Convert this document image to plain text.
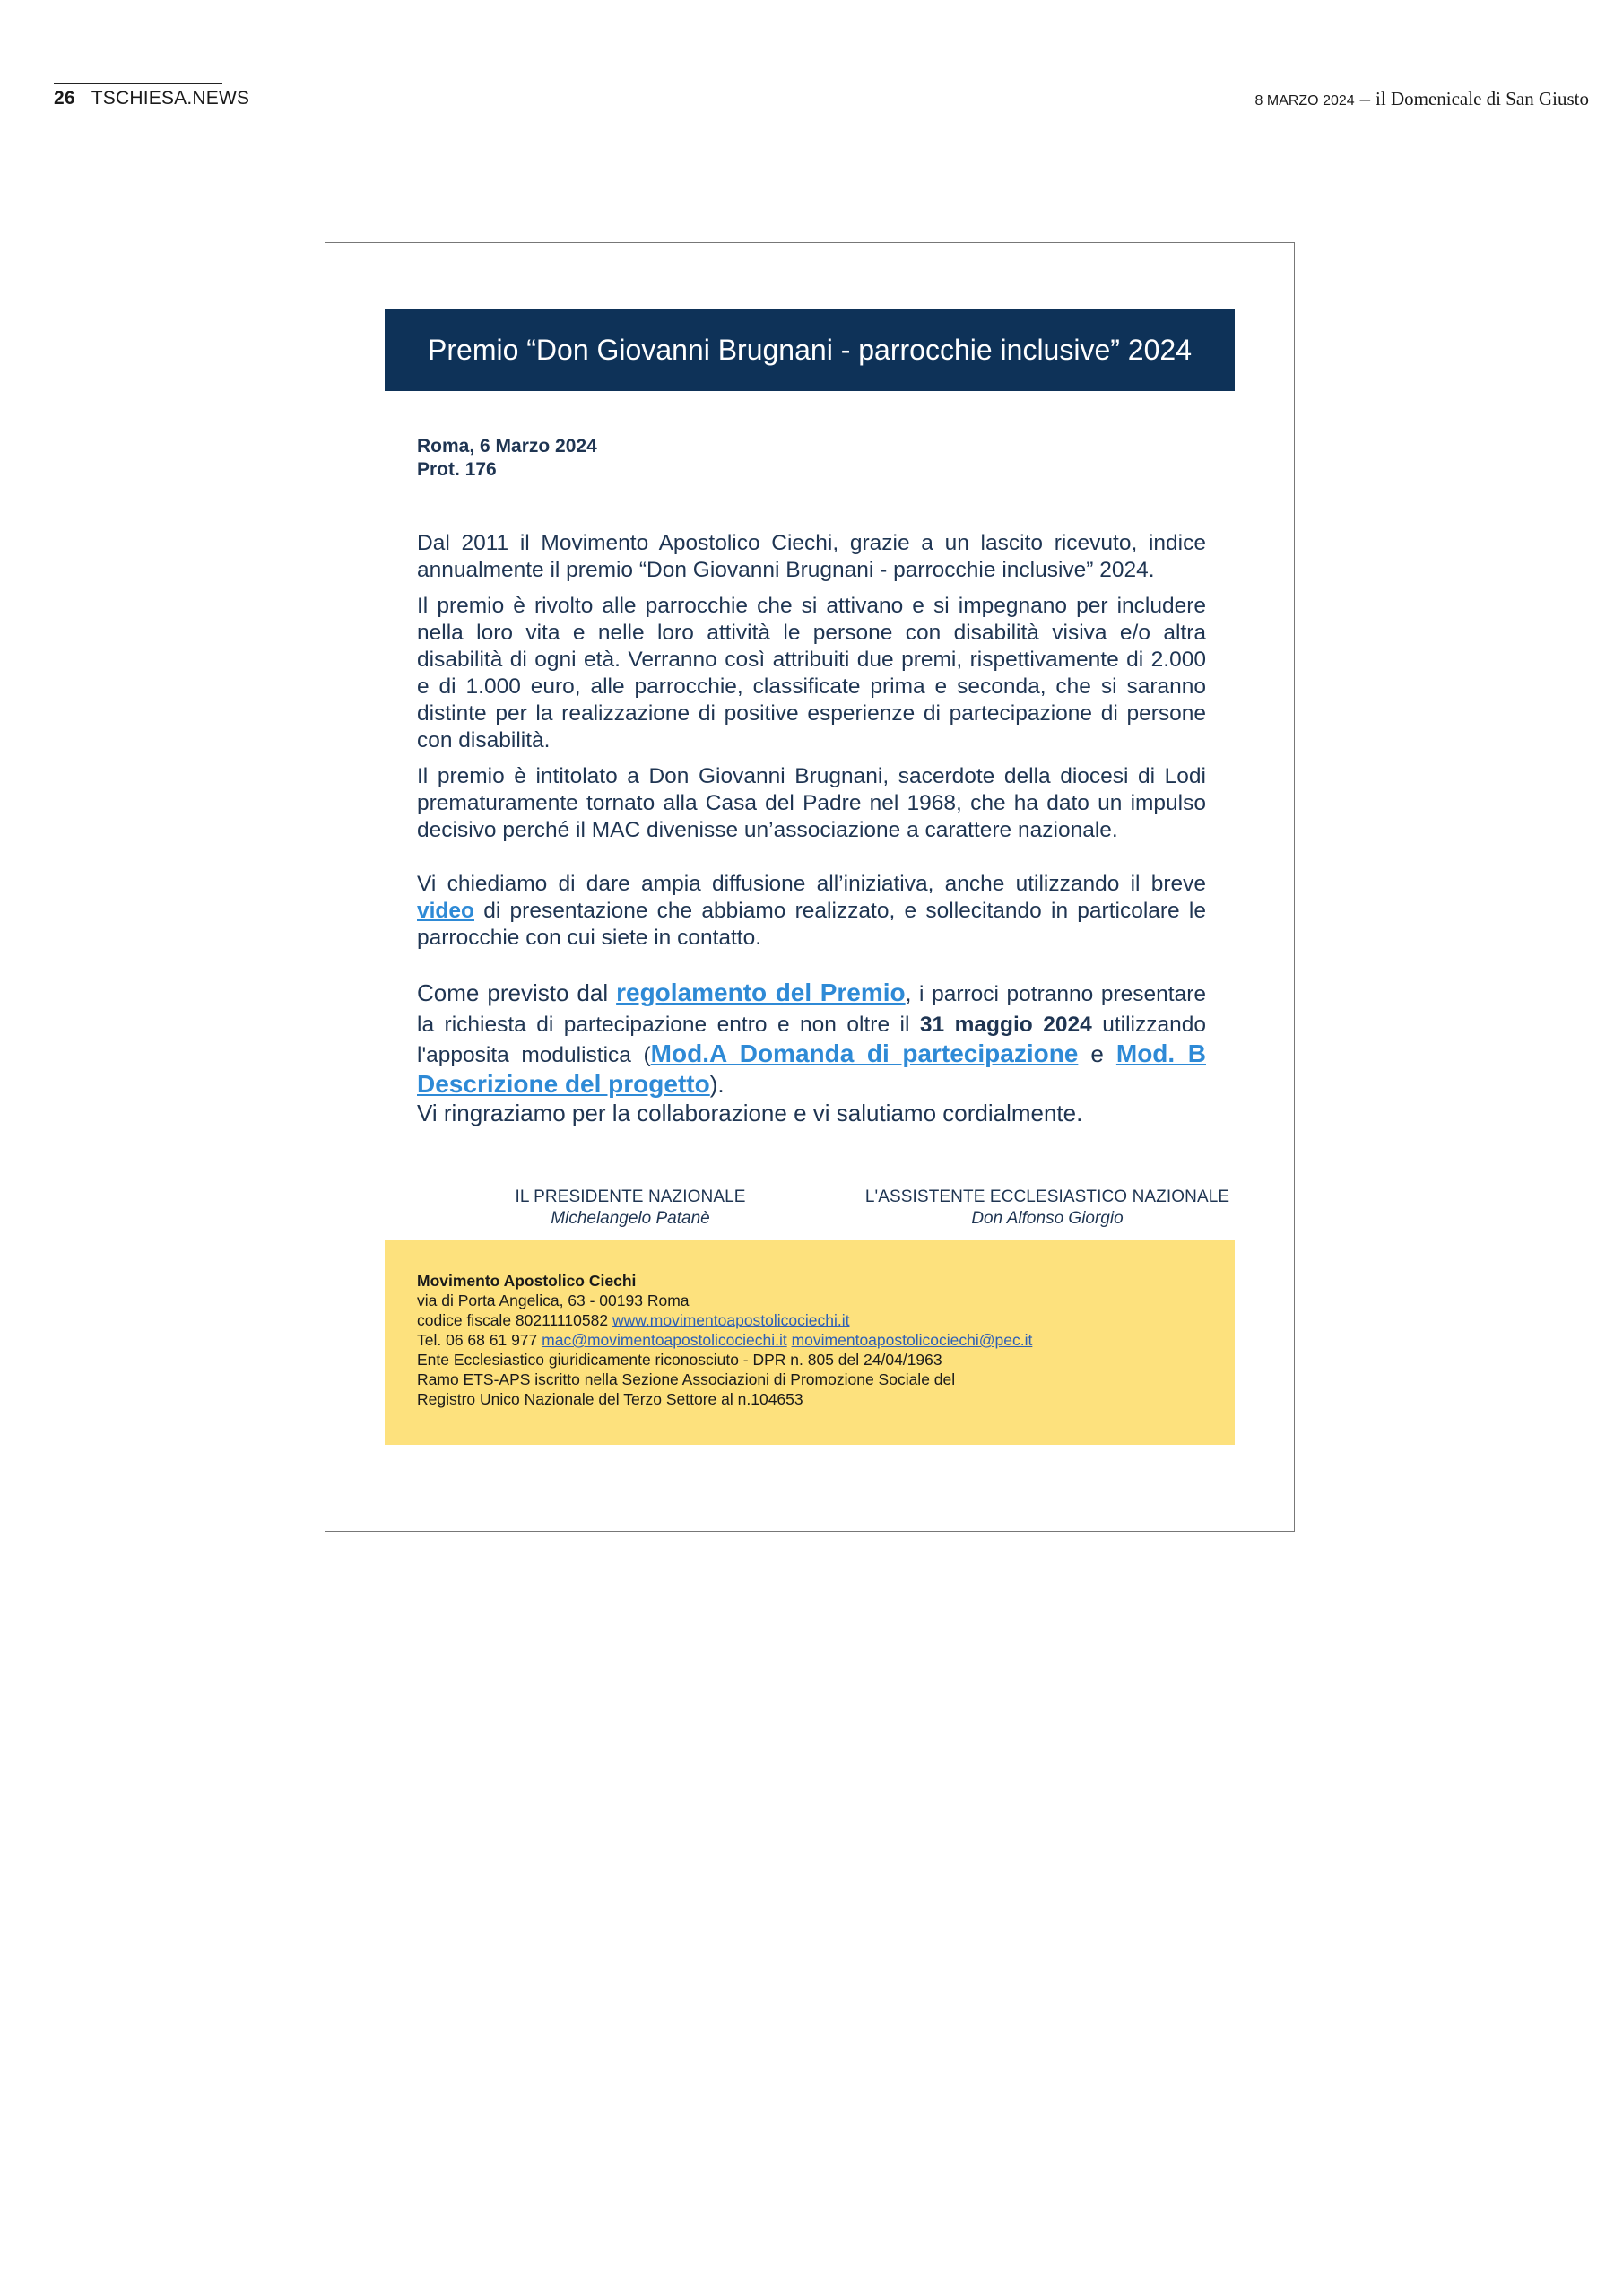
26 TSCHIESA.NEWS	8 MARZO 2024 – il Domenicale di San Giusto
Premio “Don Giovanni Brugnani - parrocchie inclusive” 2024
Roma, 6 Marzo 2024
Prot. 176

Dal 2011 il Movimento Apostolico Ciechi, grazie a un lascito ricevuto, indice annualmente il premio “Don Giovanni Brugnani - parrocchie inclusive” 2024.

Il premio è rivolto alle parrocchie che si attivano e si impegnano per includere nella loro vita e nelle loro attività le persone con disabilità visiva e/o altra disabilità di ogni età. Verranno così attribuiti due premi, rispettivamente di 2.000 e di 1.000 euro, alle parrocchie, classificate prima e seconda, che si saranno distinte per la realizzazione di positive esperienze di partecipazione di persone con disabilità.

Il premio è intitolato a Don Giovanni Brugnani, sacerdote della diocesi di Lodi prematuramente tornato alla Casa del Padre nel 1968, che ha dato un impulso decisivo perché il MAC divenisse un’associazione a carattere nazionale.

Vi chiediamo di dare ampia diffusione all’iniziativa, anche utilizzando il breve video di presentazione che abbiamo realizzato, e sollecitando in particolare le parrocchie con cui siete in contatto.

Come previsto dal regolamento del Premio, i parroci potranno presentare la richiesta di partecipazione entro e non oltre il 31 maggio 2024 utilizzando l'apposita modulistica (Mod.A Domanda di partecipazione e Mod. B Descrizione del progetto).

Vi ringraziamo per la collaborazione e vi salutiamo cordialmente.

IL PRESIDENTE NAZIONALE
Michelangelo Patanè
L'ASSISTENTE ECCLESIASTICO NAZIONALE
Don Alfonso Giorgio
Movimento Apostolico Ciechi
via di Porta Angelica, 63 - 00193 Roma
codice fiscale 80211110582 www.movimentoapostolicociechi.it
Tel. 06 68 61 977 mac@movimentoapostolicociechi.it movimentoapostolicociechi@pec.it
Ente Ecclesiastico giuridicamente riconosciuto - DPR n. 805 del 24/04/1963
Ramo ETS-APS iscritto nella Sezione Associazioni di Promozione Sociale del
Registro Unico Nazionale del Terzo Settore al n.104653
